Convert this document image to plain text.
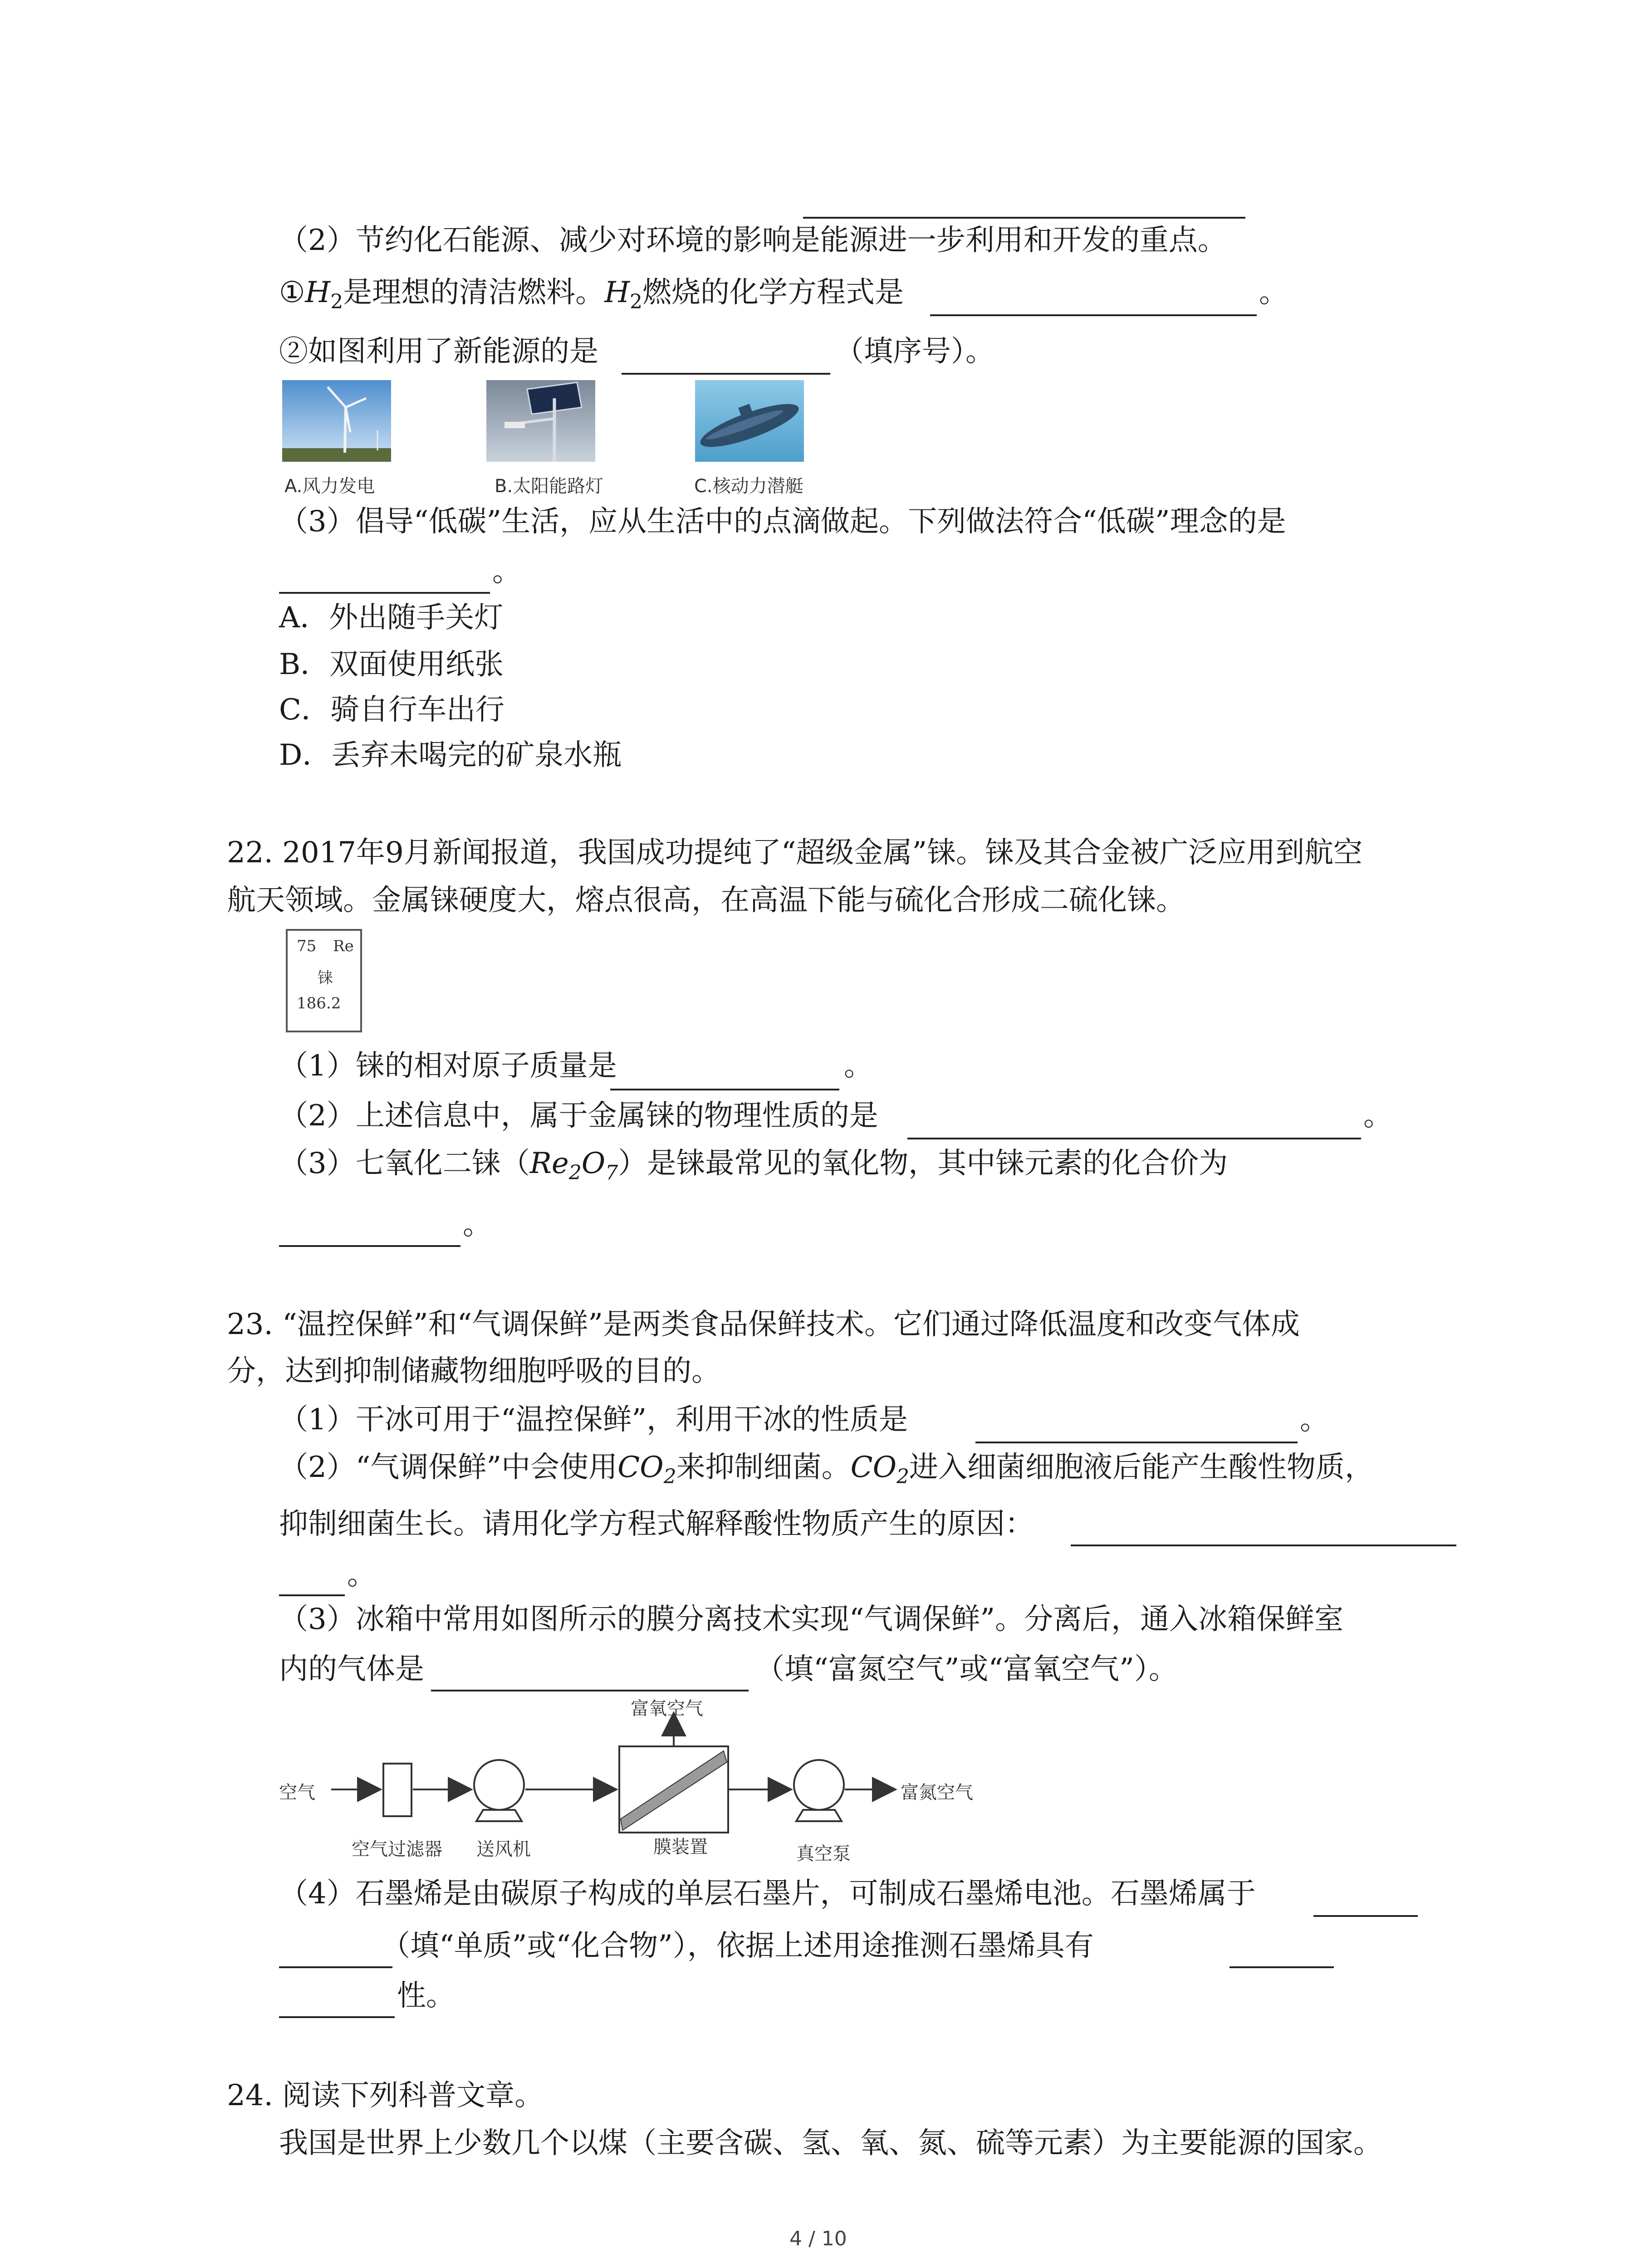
（2）节约化石能源、减少对环境的影响是能源进一步利用和开发的重点。
$①H_2$是理想的清洁燃料。$H_2$燃烧的化学方程式是	。
②如图利用了新能源的是	（填序号）。
A.风力发电	B.太阳能路灯	C.核动力潜艇
（3）倡导“低碳”生活，应从生活中的点滴做起。下列做法符合“低碳”理念的是
。
A．外出随手关灯
B．双面使用纸张
C．骑自行车出行
D．丢弃未喝完的矿泉水瓶
22. 2017年9月新闻报道，我国成功提纯了“超级金属”铼。铼及其合金被广泛应用到航空
航天领域。金属铼硬度大，熔点很高，在高温下能与硫化合形成二硫化铼。
75 Re
铼
186.2
（1）铼的相对原子质量是	。
（2）上述信息中，属于金属铼的物理性质的是	。
（3）七氧化二铼$(Re_2O_7)$是铼最常见的氧化物，其中铼元素的化合价为
。
23. “温控保鲜”和“气调保鲜”是两类食品保鲜技术。它们通过降低温度和改变气体成
分，达到抑制储藏物细胞呼吸的目的。
（1）干冰可用于“温控保鲜”，利用干冰的性质是	。
（2）“气调保鲜”中会使用$CO_2$来抑制细菌。$CO_2$进入细菌细胞液后能产生酸性物质，
抑制细菌生长。请用化学方程式解释酸性物质产生的原因：
。
（3）冰箱中常用如图所示的膜分离技术实现“气调保鲜”。分离后，通入冰箱保鲜室
内的气体是	（填“富氮空气”或“富氧空气”）。
富氧空气
空气
空气过滤器 送风机	膜装置	真空泵
富氮空气
（4）石墨烯是由碳原子构成的单层石墨片，可制成石墨烯电池。石墨烯属于
（填“单质”或“化合物”），依据上述用途推测石墨烯具有
性。
24. 阅读下列科普文章。
我国是世界上少数几个以煤（主要含碳、氢、氧、氮、硫等元素）为主要能源的国家。
4 / 10
